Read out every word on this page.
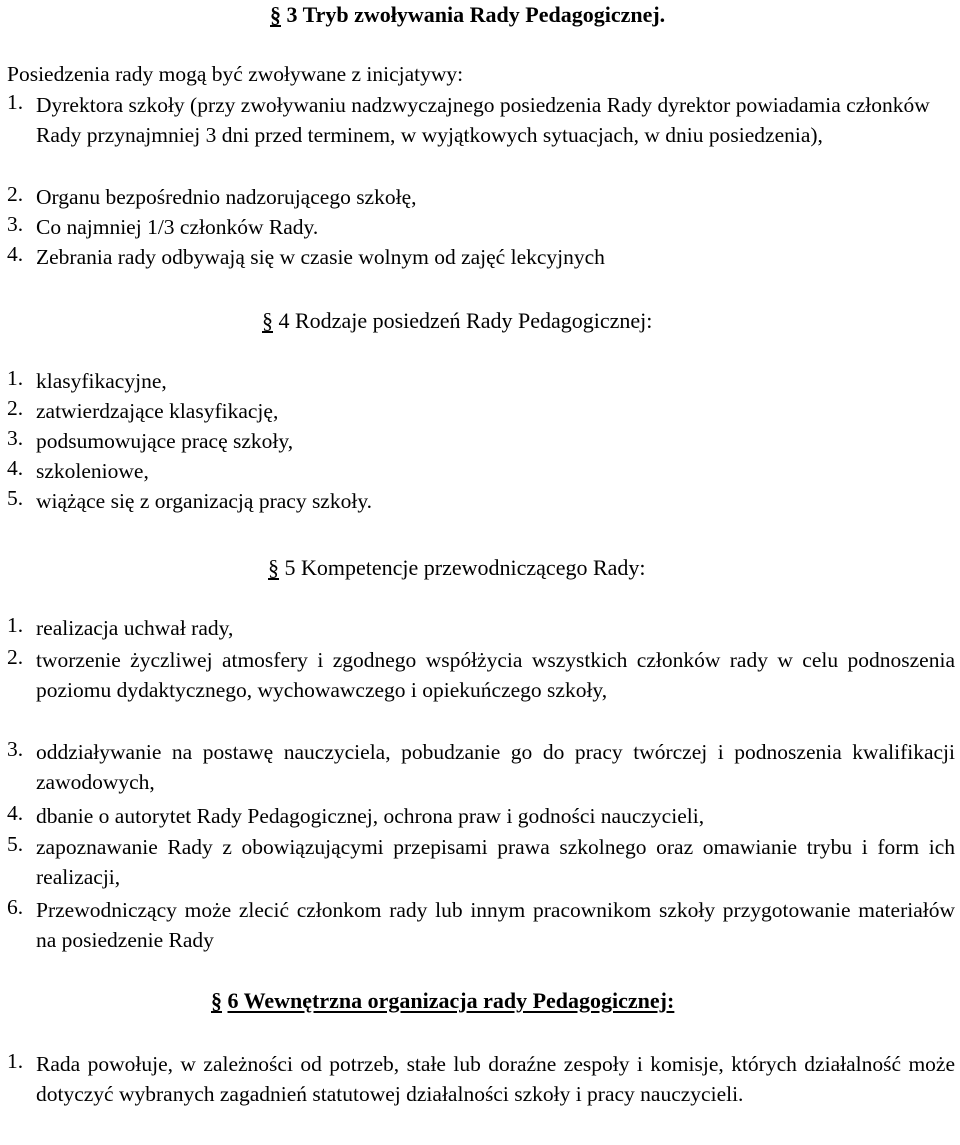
§ 3 Tryb zwoływania Rady Pedagogicznej.
Posiedzenia rady mogą być zwoływane z inicjatywy:
1. Dyrektora szkoły (przy zwoływaniu nadzwyczajnego posiedzenia Rady dyrektor powiadamia członków Rady przynajmniej 3 dni przed terminem, w wyjątkowych sytuacjach, w dniu posiedzenia),
2. Organu bezpośrednio nadzorującego szkołę,
3. Co najmniej 1/3 członków Rady.
4. Zebrania rady odbywają się w czasie wolnym od zajęć lekcyjnych
§ 4 Rodzaje posiedzeń Rady Pedagogicznej:
1. klasyfikacyjne,
2. zatwierdzające klasyfikację,
3. podsumowujące pracę szkoły,
4. szkoleniowe,
5. wiążące się z organizacją pracy szkoły.
§ 5 Kompetencje przewodniczącego Rady:
1. realizacja uchwał rady,
2. tworzenie życzliwej atmosfery i zgodnego współżycia wszystkich członków rady w celu podnoszenia poziomu dydaktycznego, wychowawczego i opiekuńczego szkoły,
3. oddziaływanie na postawę nauczyciela, pobudzanie go do pracy twórczej i podnoszenia kwalifikacji zawodowych,
4. dbanie o autorytet Rady Pedagogicznej, ochrona praw i godności nauczycieli,
5. zapoznawanie Rady z obowiązującymi przepisami prawa szkolnego oraz omawianie trybu i form ich realizacji,
6. Przewodniczący może zlecić członkom rady lub innym pracownikom szkoły przygotowanie materiałów na posiedzenie Rady
§ 6 Wewnętrzna organizacja rady Pedagogicznej:
1. Rada powołuje, w zależności od potrzeb, stałe lub doraźne zespoły i komisje, których działalność może dotyczyć wybranych zagadnień statutowej działalności szkoły i pracy nauczycieli.
